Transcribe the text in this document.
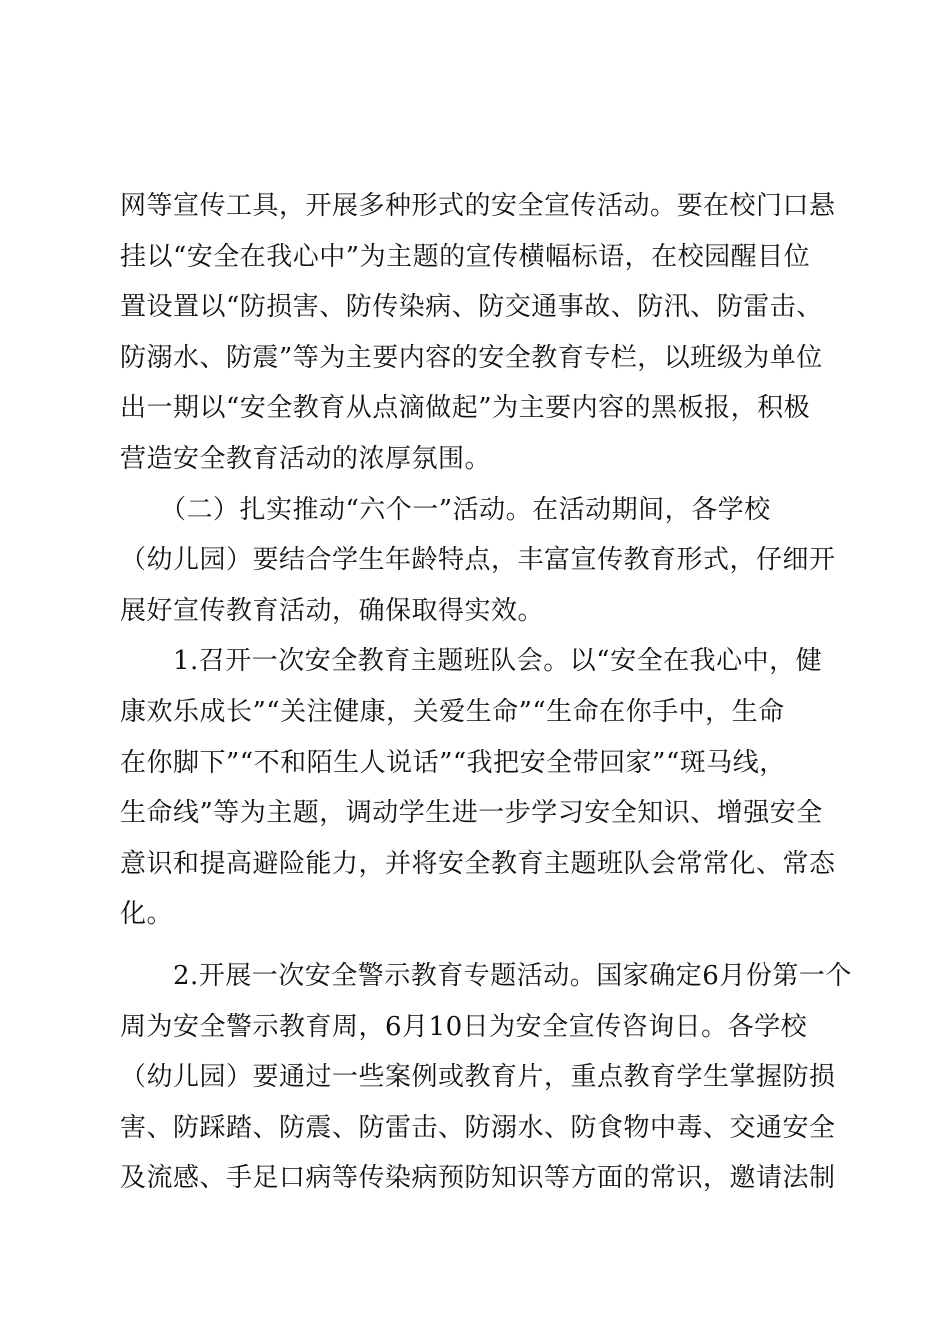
网等宣传工具，开展多种形式的安全宣传活动。要在校门口悬
挂以“安全在我心中”为主题的宣传横幅标语，在校园醒目位
置设置以“防损害、防传染病、防交通事故、防汛、防雷击、
防溺水、防震”等为主要内容的安全教育专栏，以班级为单位
出一期以“安全教育从点滴做起”为主要内容的黑板报，积极
营造安全教育活动的浓厚氛围。
　　（二）扎实推动“六个一”活动。在活动期间，各学校
（幼儿园）要结合学生年龄特点，丰富宣传教育形式，仔细开
展好宣传教育活动，确保取得实效。
　　1.召开一次安全教育主题班队会。以“安全在我心中，健
康欢乐成长”“关注健康，关爱生命”“生命在你手中，生命
在你脚下”“不和陌生人说话”“我把安全带回家”“斑马线，
生命线”等为主题，调动学生进一步学习安全知识、增强安全
意识和提高避险能力，并将安全教育主题班队会常常化、常态
化。
　　2.开展一次安全警示教育专题活动。国家确定6月份第一个
周为安全警示教育周，6月10日为安全宣传咨询日。各学校
（幼儿园）要通过一些案例或教育片，重点教育学生掌握防损
害、防踩踏、防震、防雷击、防溺水、防食物中毒、交通安全
及流感、手足口病等传染病预防知识等方面的常识，邀请法制
